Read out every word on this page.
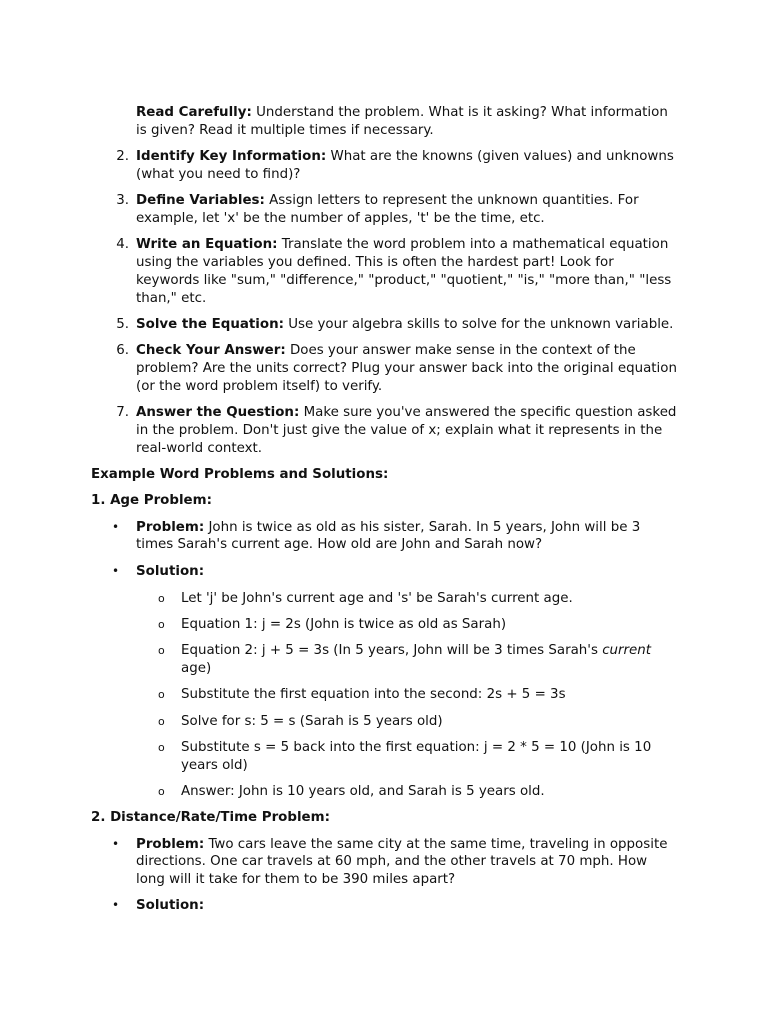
Read Carefully: Understand the problem. What is it asking? What information is given? Read it multiple times if necessary.
2. Identify Key Information: What are the knowns (given values) and unknowns (what you need to find)?
3. Define Variables: Assign letters to represent the unknown quantities. For example, let 'x' be the number of apples, 't' be the time, etc.
4. Write an Equation: Translate the word problem into a mathematical equation using the variables you defined. This is often the hardest part! Look for keywords like "sum," "difference," "product," "quotient," "is," "more than," "less than," etc.
5. Solve the Equation: Use your algebra skills to solve for the unknown variable.
6. Check Your Answer: Does your answer make sense in the context of the problem? Are the units correct? Plug your answer back into the original equation (or the word problem itself) to verify.
7. Answer the Question: Make sure you've answered the specific question asked in the problem. Don't just give the value of x; explain what it represents in the real-world context.
Example Word Problems and Solutions:
1. Age Problem:
• Problem: John is twice as old as his sister, Sarah. In 5 years, John will be 3 times Sarah's current age. How old are John and Sarah now?
• Solution:
o Let 'j' be John's current age and 's' be Sarah's current age.
o Equation 1: j = 2s (John is twice as old as Sarah)
o Equation 2: j + 5 = 3s (In 5 years, John will be 3 times Sarah's current age)
o Substitute the first equation into the second: 2s + 5 = 3s
o Solve for s: 5 = s (Sarah is 5 years old)
o Substitute s = 5 back into the first equation: j = 2 * 5 = 10 (John is 10 years old)
o Answer: John is 10 years old, and Sarah is 5 years old.
2. Distance/Rate/Time Problem:
• Problem: Two cars leave the same city at the same time, traveling in opposite directions. One car travels at 60 mph, and the other travels at 70 mph. How long will it take for them to be 390 miles apart?
• Solution:
